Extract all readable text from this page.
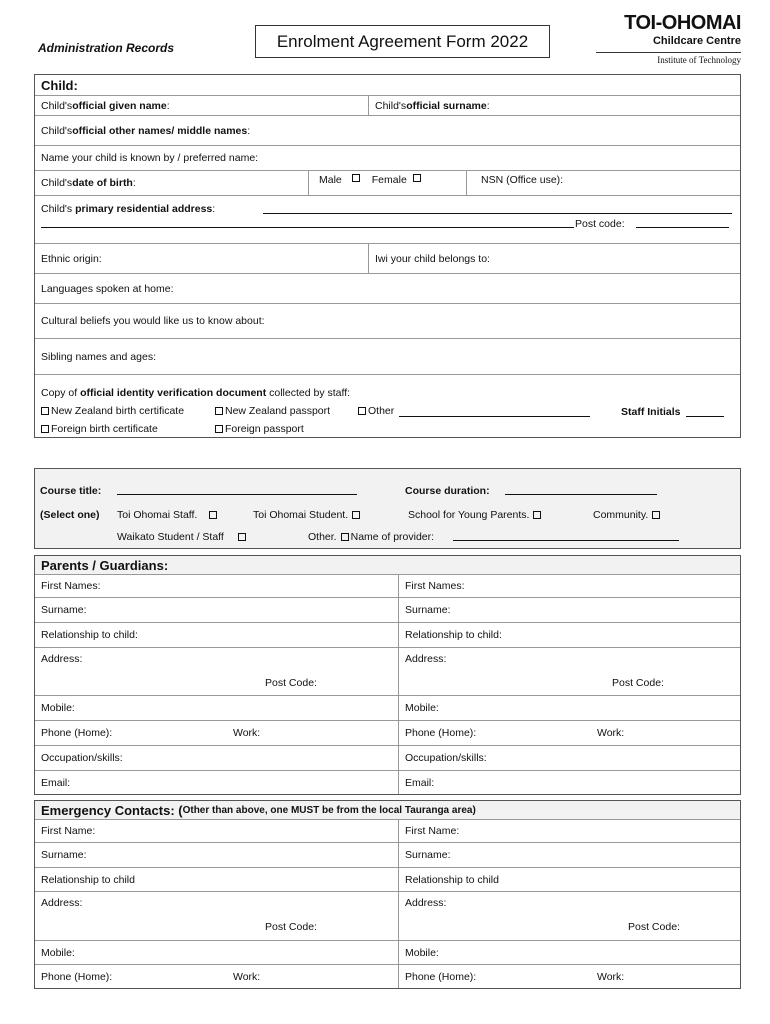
Administration Records	Enrolment Agreement Form 2022
TOI-OHOMAI
Childcare Centre
Institute of Technology
Child:
Child's official given name :	Child's official surname :
Child's official other names/ middle names :
Name your child is known by / preferred name:
Child's date of birth :	Male	Female	NSN (Office use):
Child's primary residential address:
Post code:
Ethnic origin:	Iwi your child belongs to:
Languages spoken at home:
Cultural beliefs you would like us to know about:
Sibling names and ages:
Copy of official identity verification document collected by staff:
New Zealand birth certificate	New Zealand passport	Other	Staff Initials
Foreign birth certificate	Foreign passport
Course title:	Course duration:
(Select one) Toi Ohomai Staff.	Toi Ohomai Student.	School for Young Parents.	Community.
Waikato Student / Staff	Other. Name of provider:
Parents / Guardians:
First Names:	First Names:
Surname:	Surname:
Relationship to child:	Relationship to child:
Address:
Post Code:
Address:
Post Code:
Mobile:	Mobile:
Phone (Home):	Work:	Phone (Home):	Work:
Occupation/skills:	Occupation/skills:
Email:	Email:
Emergency Contacts: ( Other than above, one MUST be from the local Tauranga area)
First Name:	First Name:
Surname:	Surname:
Relationship to child	Relationship to child
Address:
Post Code:
Address:
Post Code:
Mobile:	Mobile:
Phone (Home):	Work:	Phone (Home):	Work:
